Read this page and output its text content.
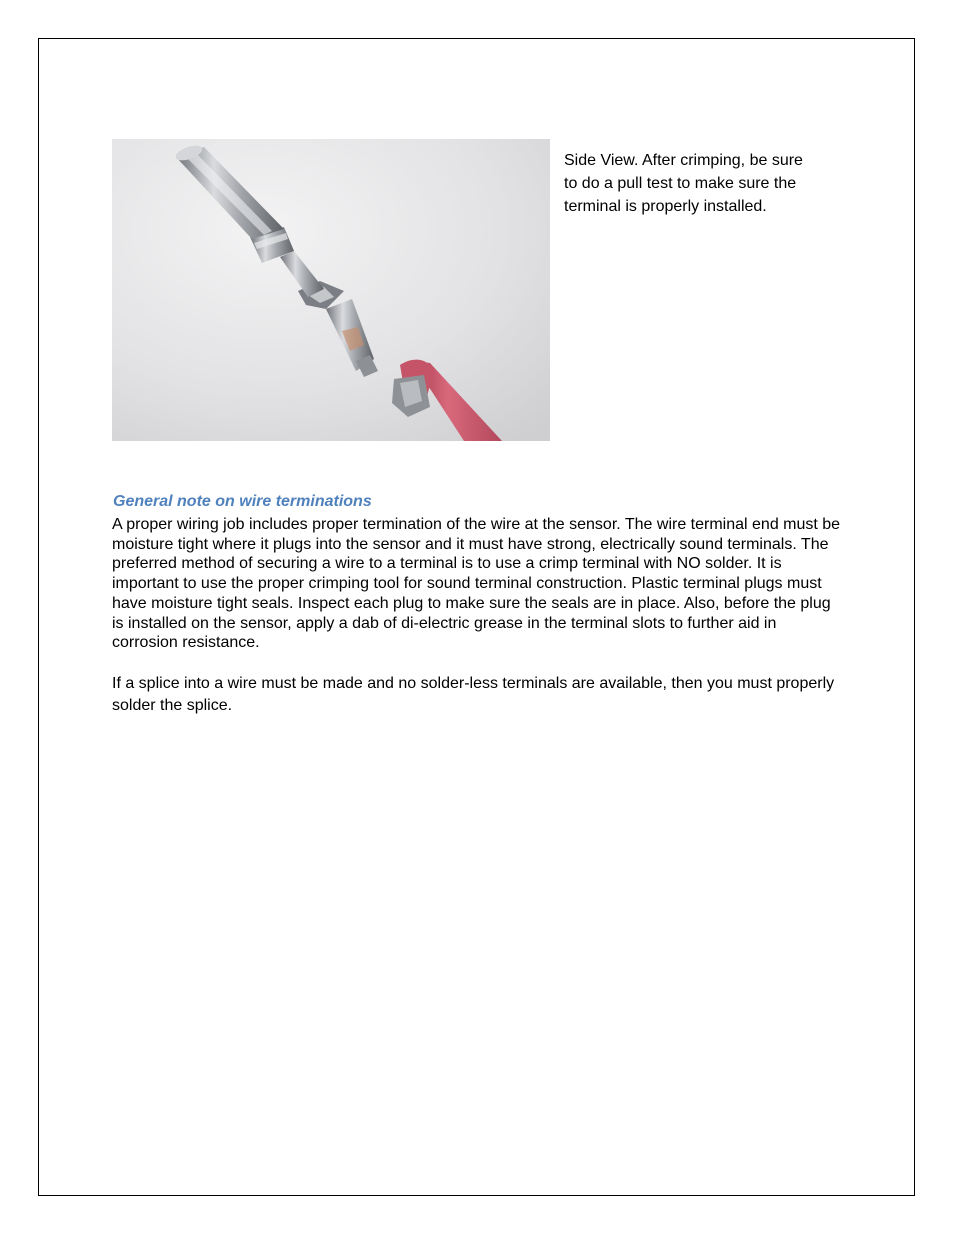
Side View. After crimping, be sure
to do a pull test to make sure the
terminal is properly installed.
General note on wire terminations
A proper wiring job includes proper termination of the wire at the sensor. The wire terminal end must be moisture tight where it plugs into the sensor and it must have strong, electrically sound terminals. The preferred method of securing a wire to a terminal is to use a crimp terminal with NO solder. It is important to use the proper crimping tool for sound terminal construction. Plastic terminal plugs must have moisture tight seals. Inspect each plug to make sure the seals are in place. Also, before the plug is installed on the sensor, apply a dab of di-electric grease in the terminal slots to further aid in corrosion resistance.
If a splice into a wire must be made and no solder-less terminals are available, then you must properly solder the splice.
